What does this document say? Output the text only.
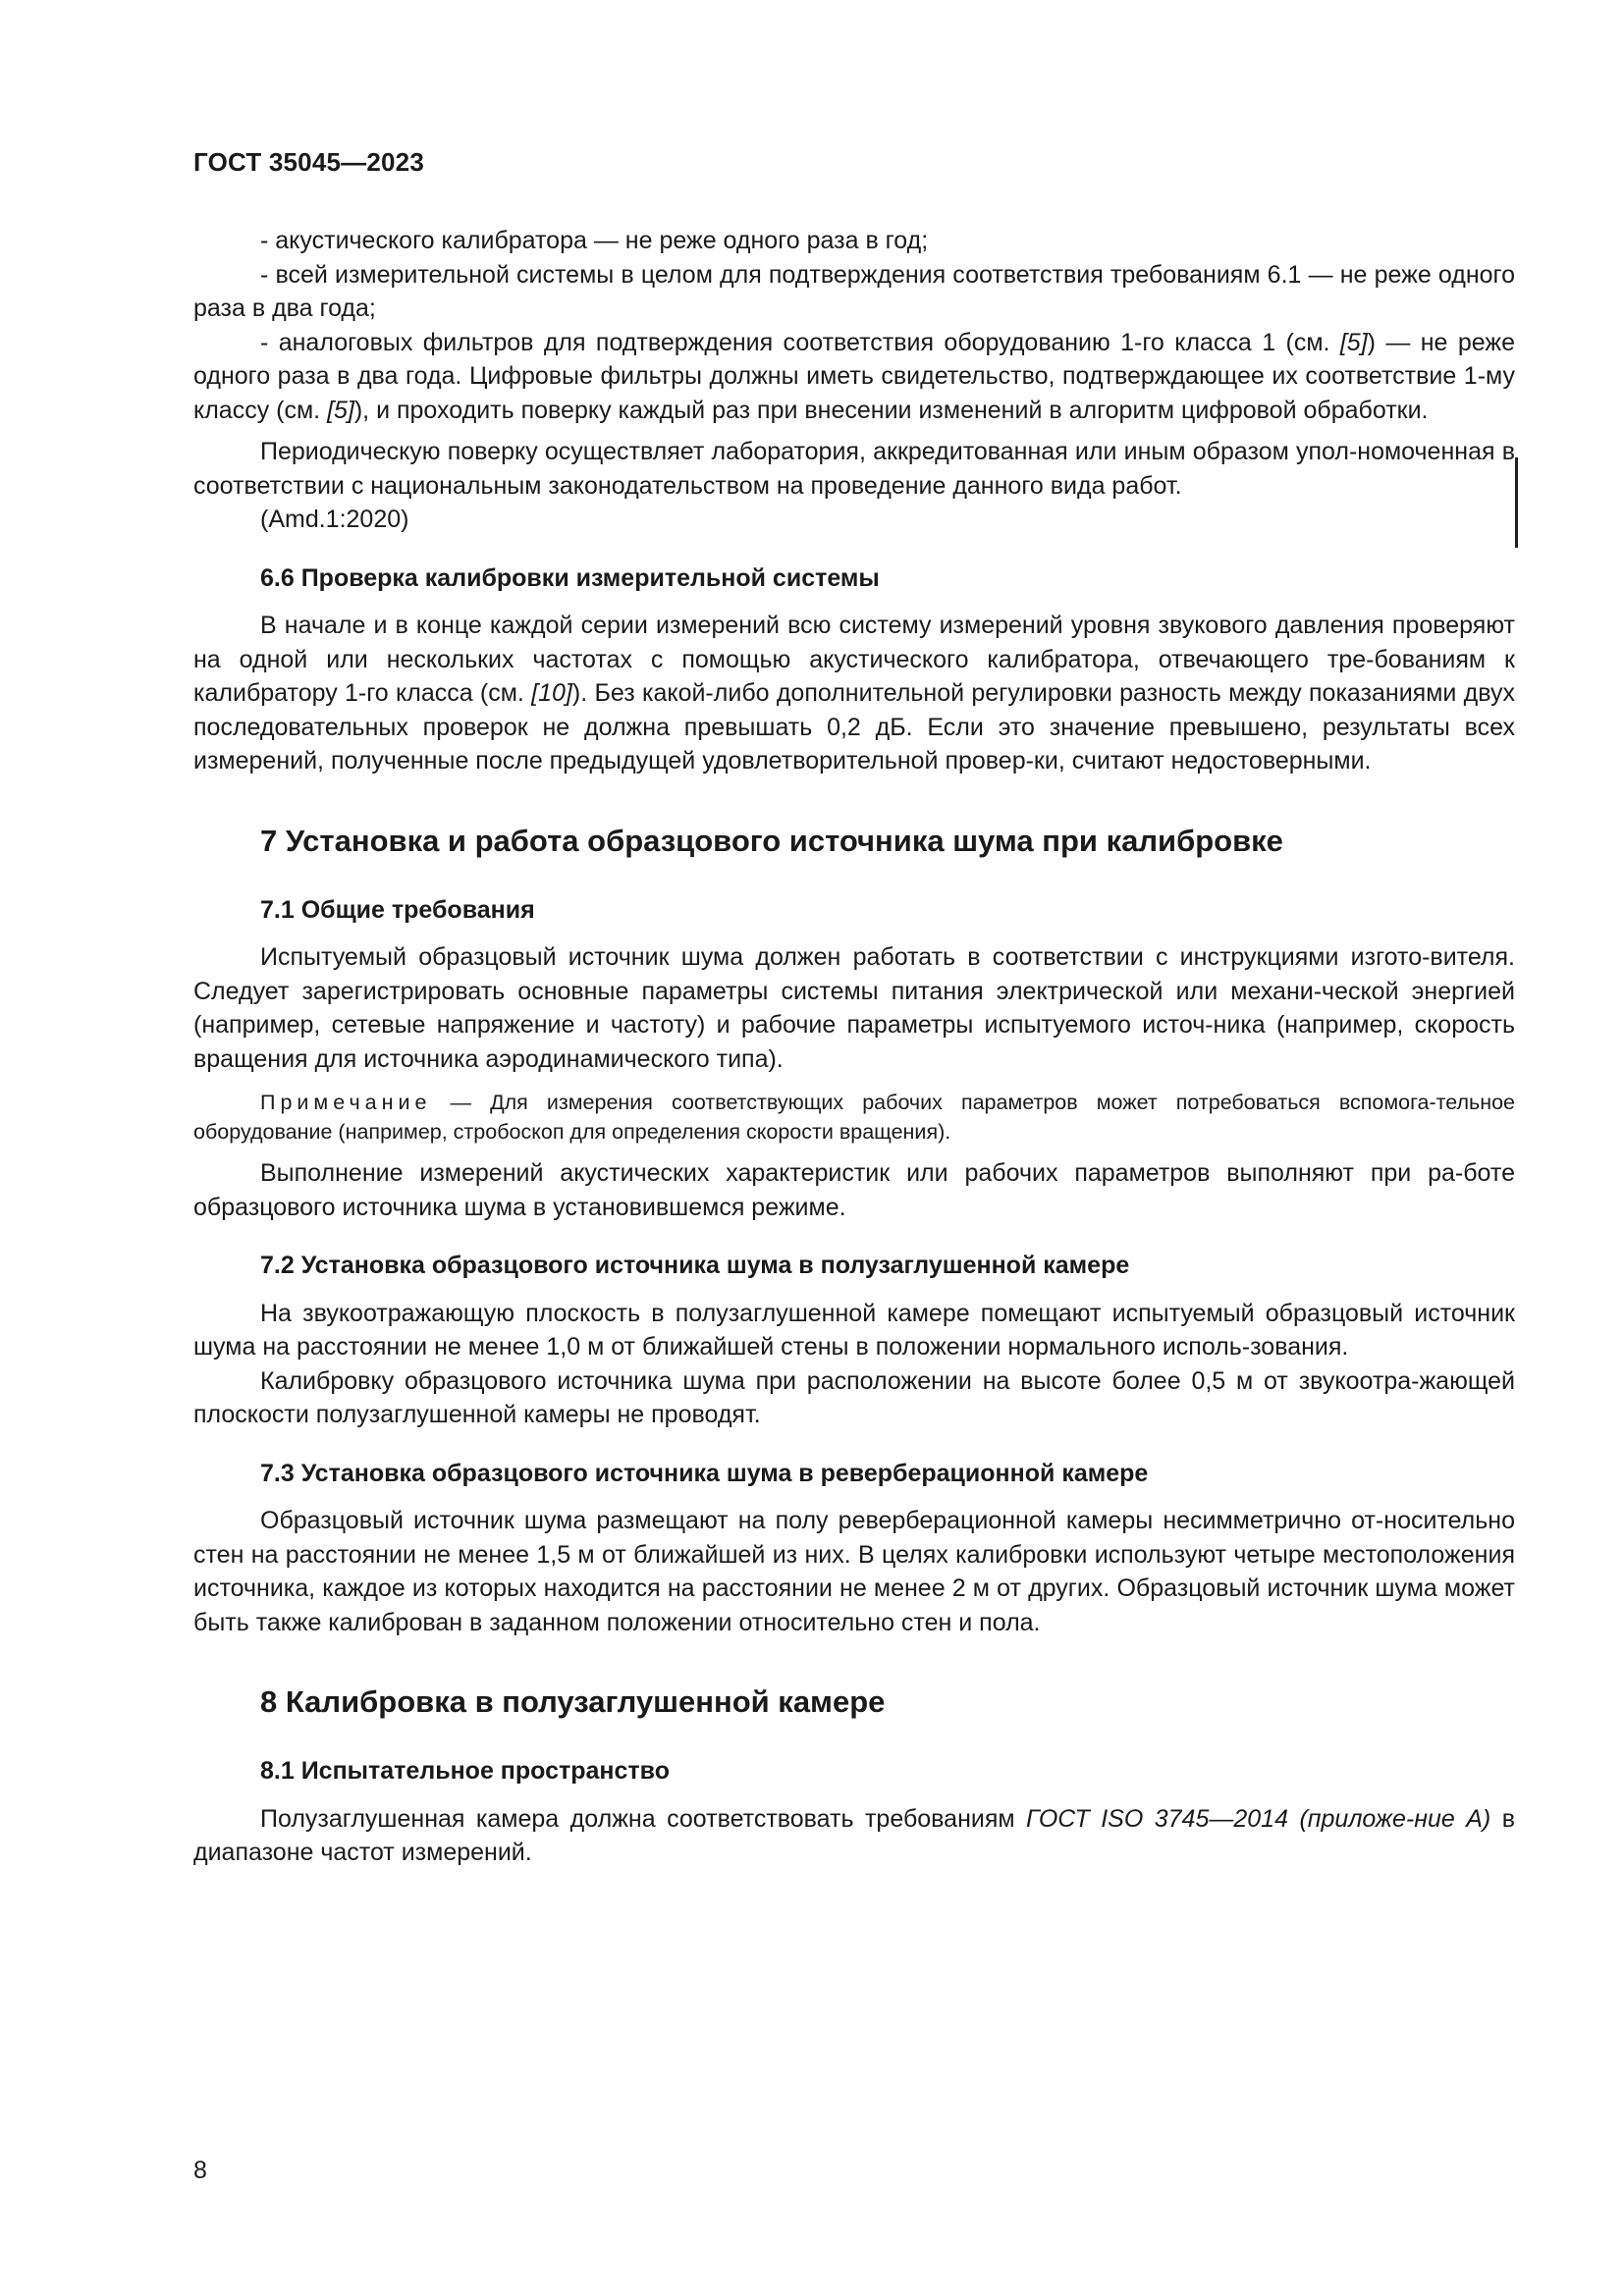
ГОСТ 35045—2023

- акустического калибратора — не реже одного раза в год;

- всей измерительной системы в целом для подтверждения соответствия требованиям 6.1 — не реже одного раза в два года;

- аналоговых фильтров для подтверждения соответствия оборудованию 1-го класса 1 (см. [5]) — не реже одного раза в два года. Цифровые фильтры должны иметь свидетельство, подтверждающее их соответствие 1-му классу (см. [5]), и проходить поверку каждый раз при внесении изменений в алгоритм цифровой обработки.

Периодическую поверку осуществляет лаборатория, аккредитованная или иным образом упол-номоченная в соответствии с национальным законодательством на проведение данного вида работ.

(Amd.1:2020)

6.6 Проверка калибровки измерительной системы

В начале и в конце каждой серии измерений всю систему измерений уровня звукового давления проверяют на одной или нескольких частотах с помощью акустического калибратора, отвечающего тре-бованиям к калибратору 1-го класса (см. [10]). Без какой-либо дополнительной регулировки разность между показаниями двух последовательных проверок не должна превышать 0,2 дБ. Если это значение превышено, результаты всех измерений, полученные после предыдущей удовлетворительной провер-ки, считают недостоверными.

7 Установка и работа образцового источника шума при калибровке

7.1 Общие требования

Испытуемый образцовый источник шума должен работать в соответствии с инструкциями изгото-вителя. Следует зарегистрировать основные параметры системы питания электрической или механи-ческой энергией (например, сетевые напряжение и частоту) и рабочие параметры испытуемого источ-ника (например, скорость вращения для источника аэродинамического типа).

Примечание — Для измерения соответствующих рабочих параметров может потребоваться вспомога-тельное оборудование (например, стробоскоп для определения скорости вращения).

Выполнение измерений акустических характеристик или рабочих параметров выполняют при ра-боте образцового источника шума в установившемся режиме.

7.2 Установка образцового источника шума в полузаглушенной камере

На звукоотражающую плоскость в полузаглушенной камере помещают испытуемый образцовый источник шума на расстоянии не менее 1,0 м от ближайшей стены в положении нормального исполь-зования.

Калибровку образцового источника шума при расположении на высоте более 0,5 м от звукоотра-жающей плоскости полузаглушенной камеры не проводят.

7.3 Установка образцового источника шума в реверберационной камере

Образцовый источник шума размещают на полу реверберационной камеры несимметрично от-носительно стен на расстоянии не менее 1,5 м от ближайшей из них. В целях калибровки используют четыре местоположения источника, каждое из которых находится на расстоянии не менее 2 м от других. Образцовый источник шума может быть также калиброван в заданном положении относительно стен и пола.

8 Калибровка в полузаглушенной камере

8.1 Испытательное пространство

Полузаглушенная камера должна соответствовать требованиям ГОСТ ISO 3745—2014 (приложе-ние А) в диапазоне частот измерений.

8
